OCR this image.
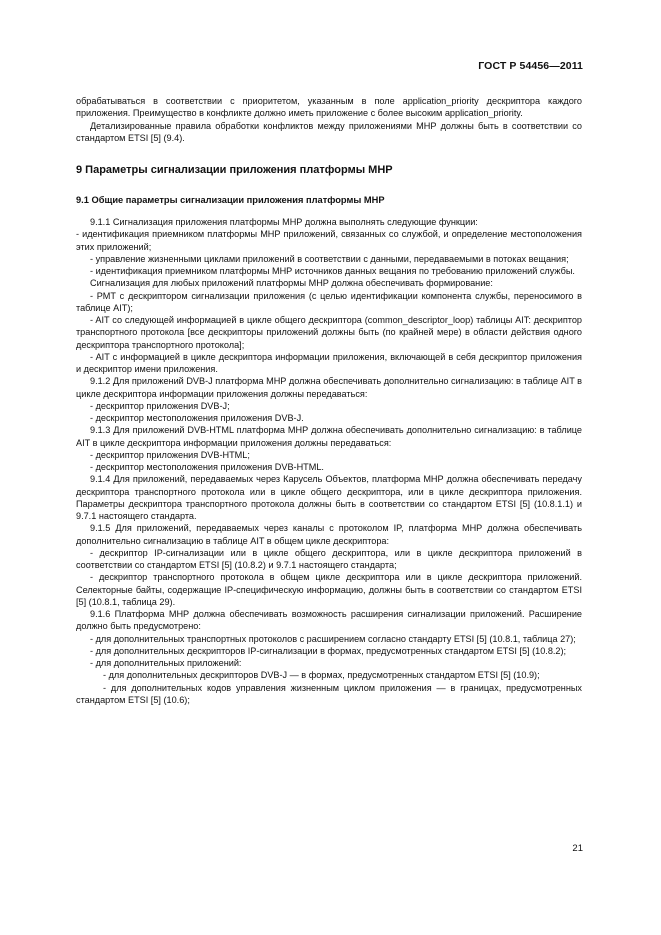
ГОСТ Р 54456—2011

обрабатываться в соответствии с приоритетом, указанным в поле application_priority дескриптора каждого приложения. Преимущество в конфликте должно иметь приложение с более высоким application_priority.

Детализированные правила обработки конфликтов между приложениями МНР должны быть в соответствии со стандартом ETSI [5] (9.4).

9 Параметры сигнализации приложения платформы МНР
9.1 Общие параметры сигнализации приложения платформы МНР

9.1.1 Сигнализация приложения платформы МНР должна выполнять следующие функции:

- идентификация приемником платформы МНР приложений, связанных со службой, и определение местоположения этих приложений;

- управление жизненными циклами приложений в соответствии с данными, передаваемыми в потоках вещания;

- идентификация приемником платформы МНР источников данных вещания по требованию приложений службы.

Сигнализация для любых приложений платформы МНР должна обеспечивать формирование:

- РМТ с дескриптором сигнализации приложения (с целью идентификации компонента службы, переносимого в таблице AIT);

- AIT со следующей информацией в цикле общего дескриптора (common_descriptor_loop) таблицы AIT: дескриптор транспортного протокола [все дескрипторы приложений должны быть (по крайней мере) в области действия одного дескриптора транспортного протокола];

- AIT с информацией в цикле дескриптора информации приложения, включающей в себя дескриптор приложения и дескриптор имени приложения.

9.1.2 Для приложений DVB-J платформа МНР должна обеспечивать дополнительно сигнализацию: в таблице AIT в цикле дескриптора информации приложения должны передаваться:

- дескриптор приложения DVB-J;

- дескриптор местоположения приложения DVB-J.

9.1.3 Для приложений DVB-HTML платформа МНР должна обеспечивать дополнительно сигнализацию: в таблице AIT в цикле дескриптора информации приложения должны передаваться:

- дескриптор приложения DVB-HTML;

- дескриптор местоположения приложения DVB-HTML.

9.1.4 Для приложений, передаваемых через Карусель Объектов, платформа МНР должна обеспечивать передачу дескриптора транспортного протокола или в цикле общего дескриптора, или в цикле дескриптора приложения. Параметры дескриптора транспортного протокола должны быть в соответствии со стандартом ETSI [5] (10.8.1.1) и 9.7.1 настоящего стандарта.

9.1.5 Для приложений, передаваемых через каналы с протоколом IP, платформа МНР должна обеспечивать дополнительно сигнализацию в таблице AIT в общем цикле дескриптора:

- дескриптор IP-сигнализации или в цикле общего дескриптора, или в цикле дескриптора приложений в соответствии со стандартом ETSI [5] (10.8.2) и 9.7.1 настоящего стандарта;

- дескриптор транспортного протокола в общем цикле дескриптора или в цикле дескриптора приложений. Селекторные байты, содержащие IP-специфическую информацию, должны быть в соответствии со стандартом ETSI [5] (10.8.1, таблица 29).

9.1.6 Платформа МНР должна обеспечивать возможность расширения сигнализации приложений. Расширение должно быть предусмотрено:

- для дополнительных транспортных протоколов с расширением согласно стандарту ETSI [5] (10.8.1, таблица 27);

- для дополнительных дескрипторов IP-сигнализации в формах, предусмотренных стандартом ETSI [5] (10.8.2);

- для дополнительных приложений:

- для дополнительных дескрипторов DVB-J — в формах, предусмотренных стандартом ETSI [5] (10.9);

- для дополнительных кодов управления жизненным циклом приложения — в границах, предусмотренных стандартом ETSI [5] (10.6);

21
